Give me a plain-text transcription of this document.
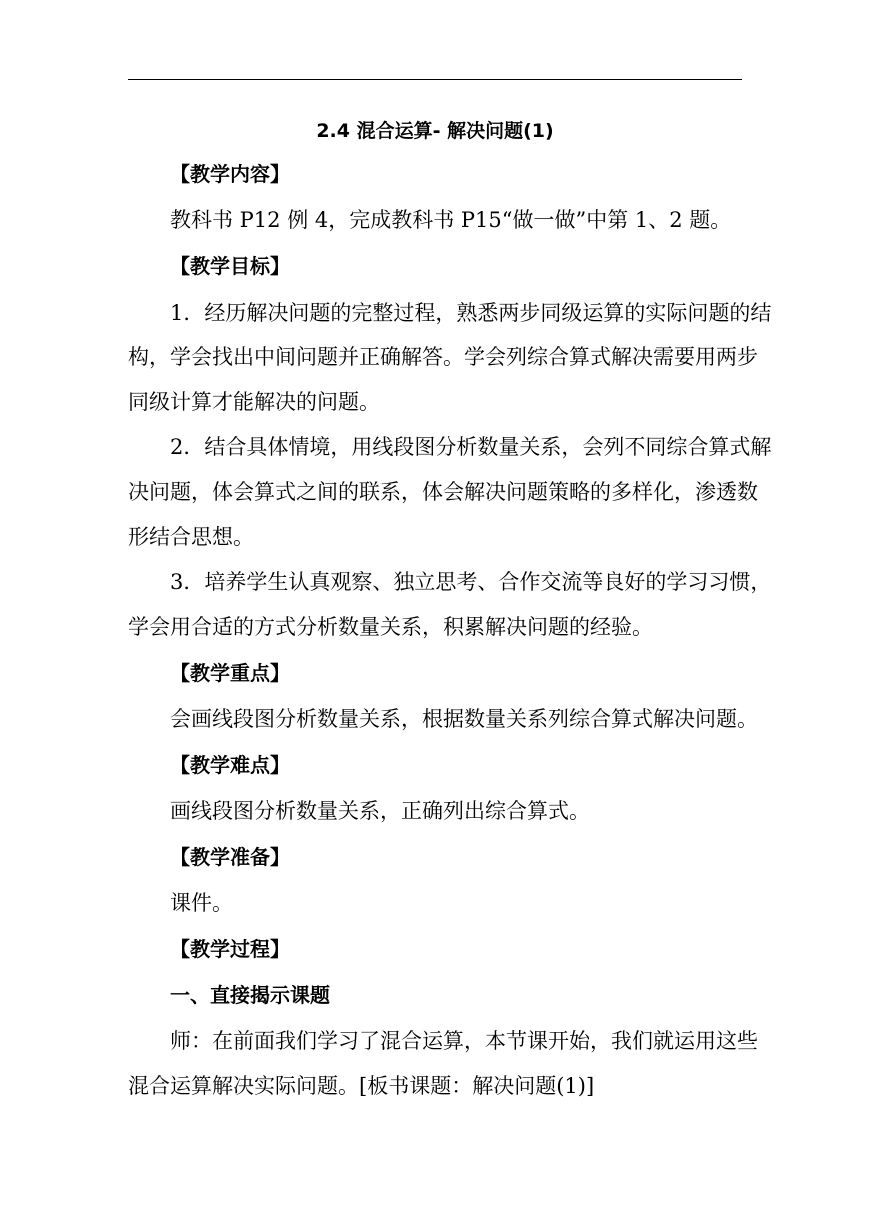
2.4 混合运算- 解决问题(1)
【教学内容】
教科书 P12 例 4，完成教科书 P15“做一做”中第 1、2 题。
【教学目标】
1．经历解决问题的完整过程，熟悉两步同级运算的实际问题的结
构，学会找出中间问题并正确解答。学会列综合算式解决需要用两步
同级计算才能解决的问题。
2．结合具体情境，用线段图分析数量关系，会列不同综合算式解
决问题，体会算式之间的联系，体会解决问题策略的多样化，渗透数
形结合思想。
3．培养学生认真观察、独立思考、合作交流等良好的学习习惯，
学会用合适的方式分析数量关系，积累解决问题的经验。
【教学重点】
会画线段图分析数量关系，根据数量关系列综合算式解决问题。
【教学难点】
画线段图分析数量关系，正确列出综合算式。
【教学准备】
课件。
【教学过程】
一、直接揭示课题
师：在前面我们学习了混合运算，本节课开始，我们就运用这些
混合运算解决实际问题。[板书课题：解决问题(1)]
